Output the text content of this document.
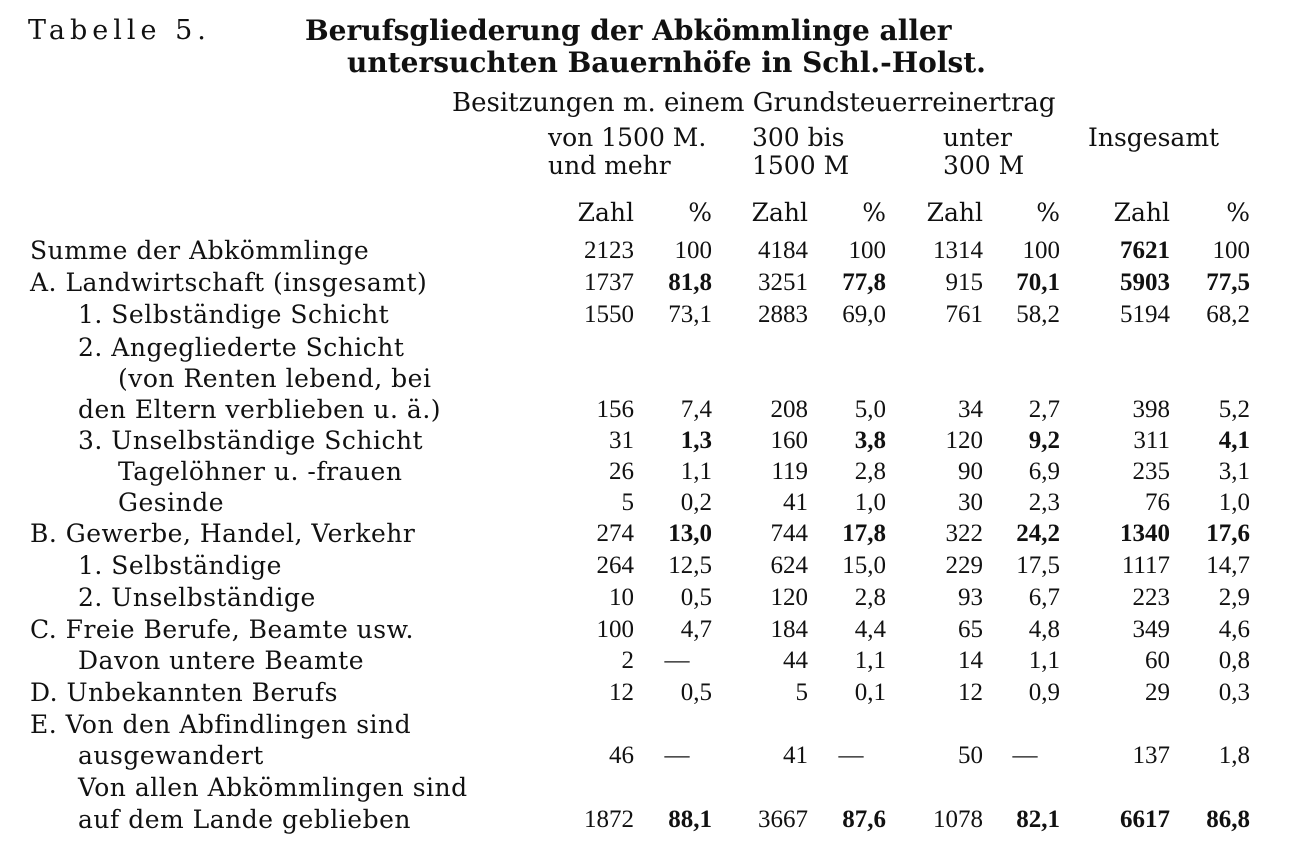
Tabelle 5.	Berufsgliederung der Abkömmlinge aller
untersuchten Bauernhöfe in Schl.-Holst.
Besitzungen m. einem Grundsteuerreinertrag
von 1500 M.
und mehr
300 bis
1500 M
unter
300 M
Insgesamt
Zahl	%	Zahl	%	Zahl	%	Zahl	%
Summe der Abkömmlinge	2123	100	4184	100	1314	100	7621	100
A. Landwirtschaft (insgesamt)	1737	81,8	3251	77,8	915	70,1	5903	77,5
1. Selbständige Schicht	1550	73,1	2883	69,0	761	58,2	5194	68,2
2. Angegliederte Schicht
(von Renten lebend, bei
den Eltern verblieben u. ä.)	156	7,4	208	5,0	34	2,7	398	5,2
3. Unselbständige Schicht	31	1,3	160	3,8	120	9,2	311	4,1
Tagelöhner u. -frauen	26	1,1	119	2,8	90	6,9	235	3,1
Gesinde	5	0,2	41	1,0	30	2,3	76	1,0
B. Gewerbe, Handel, Verkehr	274	13,0	744	17,8	322	24,2	1340	17,6
1. Selbständige	264	12,5	624	15,0	229	17,5	1117	14,7
2. Unselbständige	10	0,5	120	2,8	93	6,7	223	2,9
C. Freie Berufe, Beamte usw.	100	4,7	184	4,4	65	4,8	349	4,6
Davon untere Beamte	2	—	44	1,1	14	1,1	60	0,8
D. Unbekannten Berufs	12	0,5	5	0,1	12	0,9	29	0,3
E. Von den Abfindlingen sind
ausgewandert	46	—	41	—	50	—	137	1,8
Von allen Abkömmlingen sind
auf dem Lande geblieben	1872	88,1	3667	87,6	1078	82,1	6617	86,8
